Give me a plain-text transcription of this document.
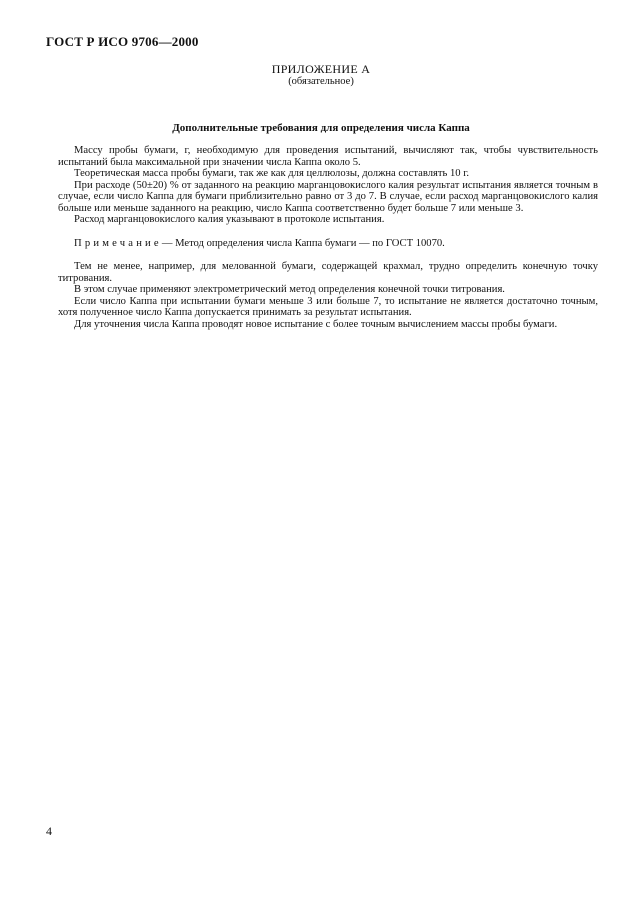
ГОСТ Р ИСО 9706—2000
ПРИЛОЖЕНИЕ А
(обязательное)
Дополнительные требования для определения числа Каппа

Массу пробы бумаги, г, необходимую для проведения испытаний, вычисляют так, чтобы чувствительность испытаний была максимальной при значении числа Каппа около 5.

Теоретическая масса пробы бумаги, так же как для целлюлозы, должна составлять 10 г.

При расходе (50±20) % от заданного на реакцию марганцовокислого калия результат испытания является точным в случае, если число Каппа для бумаги приблизительно равно от 3 до 7. В случае, если расход марганцовокислого калия больше или меньше заданного на реакцию, число Каппа соответственно будет больше 7 или меньше 3.

Расход марганцовокислого калия указывают в протоколе испытания.

Примечание— Метод определения числа Каппа бумаги — по ГОСТ 10070.

Тем не менее, например, для мелованной бумаги, содержащей крахмал, трудно определить конечную точку титрования.

В этом случае применяют электрометрический метод определения конечной точки титрования.

Если число Каппа при испытании бумаги меньше 3 или больше 7, то испытание не является достаточно точным, хотя полученное число Каппа допускается принимать за результат испытания.

Для уточнения числа Каппа проводят новое испытание с более точным вычислением массы пробы бумаги.

4
